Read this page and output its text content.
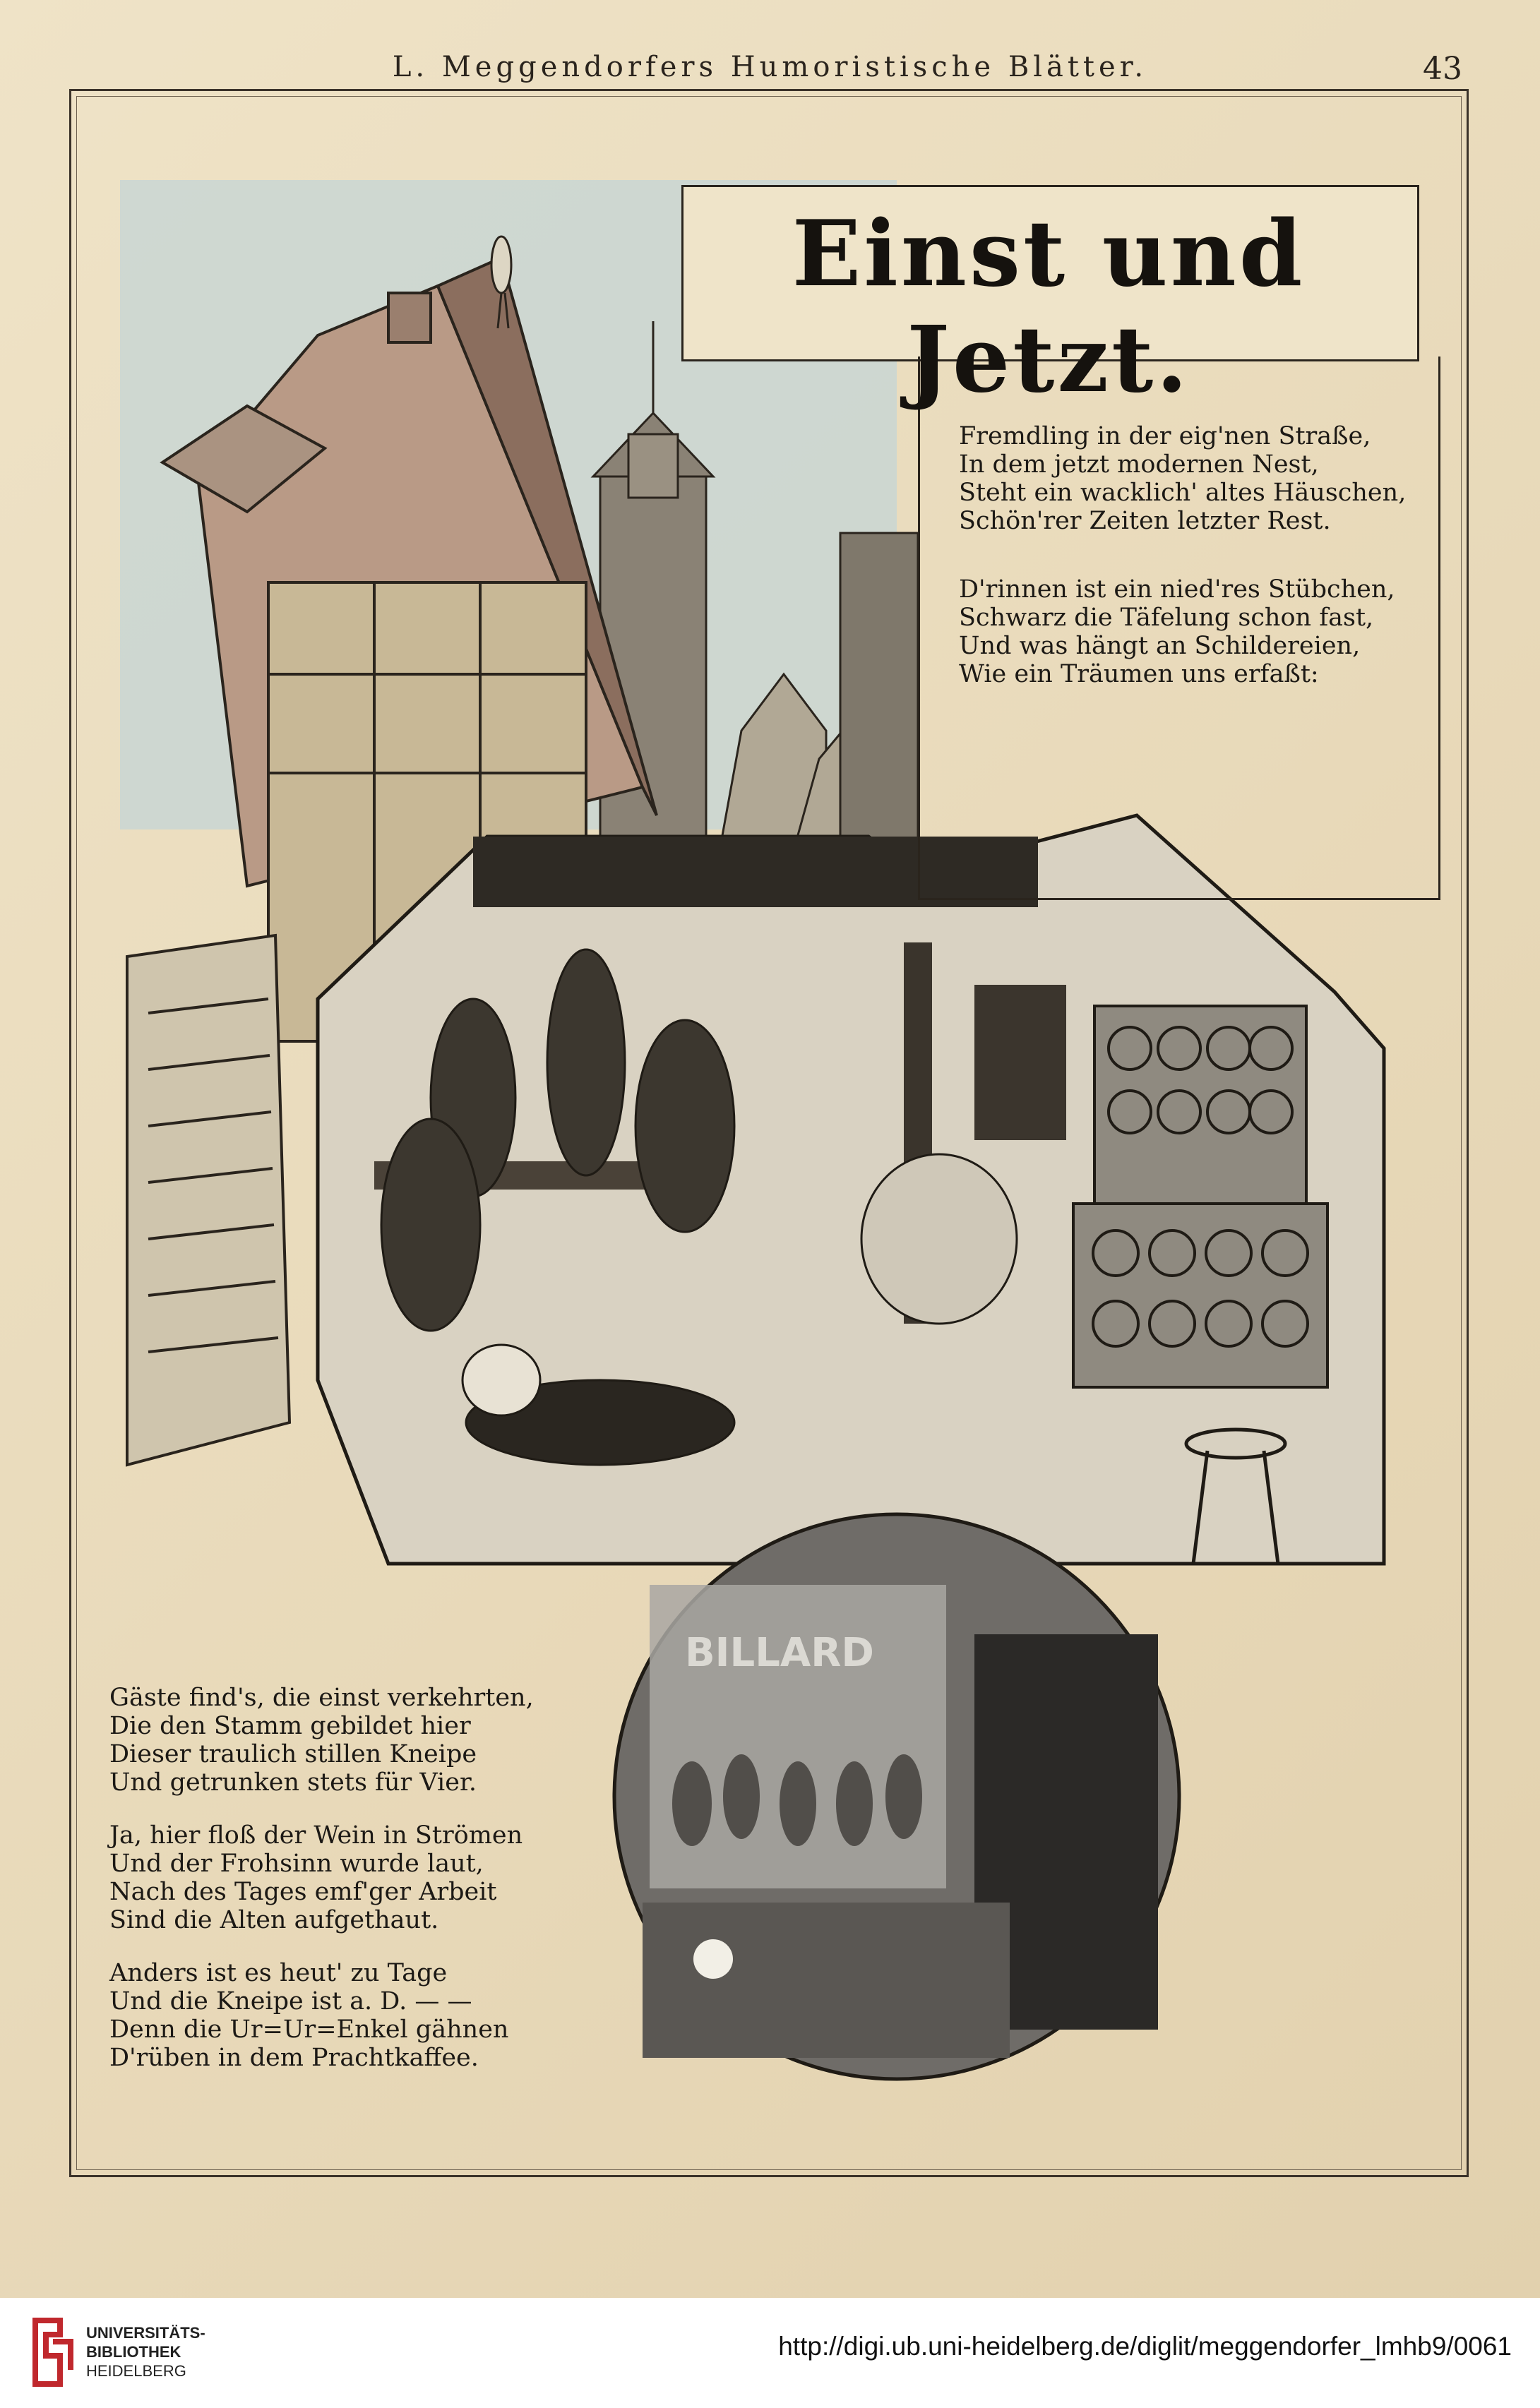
L. Meggendorfers Humoristische Blätter.	43
BILLARD
Einst und Jetzt.
Fremdling in der eig'nen Straße,
In dem jetzt modernen Nest,
Steht ein wacklich' altes Häuschen,
Schön'rer Zeiten letzter Rest.
D'rinnen ist ein nied'res Stübchen,
Schwarz die Täfelung schon fast,
Und was hängt an Schildereien,
Wie ein Träumen uns erfaßt:
Gäste find's, die einst verkehrten,
Die den Stamm gebildet hier
Dieser traulich stillen Kneipe
Und getrunken stets für Vier.
Ja, hier floß der Wein in Strömen
Und der Frohsinn wurde laut,
Nach des Tages emf'ger Arbeit
Sind die Alten aufgethaut.
Anders ist es heut' zu Tage
Und die Kneipe ist a. D. — —
Denn die Ur=Ur=Enkel gähnen
D'rüben in dem Prachtkaffee.
UNIVERSITÄTS-
BIBLIOTHEK
HEIDELBERG
http://digi.ub.uni-heidelberg.de/diglit/meggendorfer_lmhb9/0061
